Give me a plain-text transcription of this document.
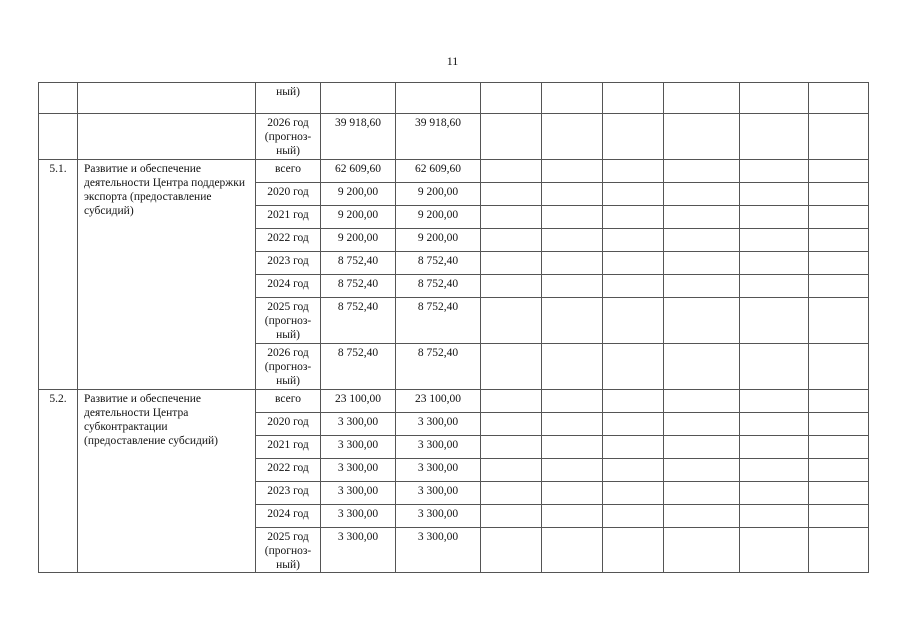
11
		ный)								
		2026 год (прогноз-ный)	39 918,60	39 918,60						
5.1.	Развитие и обеспечение деятельности Центра поддержки экспорта (предоставление субсидий)	всего	62 609,60	62 609,60						
		2020 год	9 200,00	9 200,00						
		2021 год	9 200,00	9 200,00						
		2022 год	9 200,00	9 200,00						
		2023 год	8 752,40	8 752,40						
		2024 год	8 752,40	8 752,40						
		2025 год (прогноз-ный)	8 752,40	8 752,40						
		2026 год (прогноз-ный)	8 752,40	8 752,40						
5.2.	Развитие и обеспечение деятельности Центра субконтрактации (предоставление субсидий)	всего	23 100,00	23 100,00						
		2020 год	3 300,00	3 300,00						
		2021 год	3 300,00	3 300,00						
		2022 год	3 300,00	3 300,00						
		2023 год	3 300,00	3 300,00						
		2024 год	3 300,00	3 300,00						
		2025 год (прогноз-ный)	3 300,00	3 300,00						
